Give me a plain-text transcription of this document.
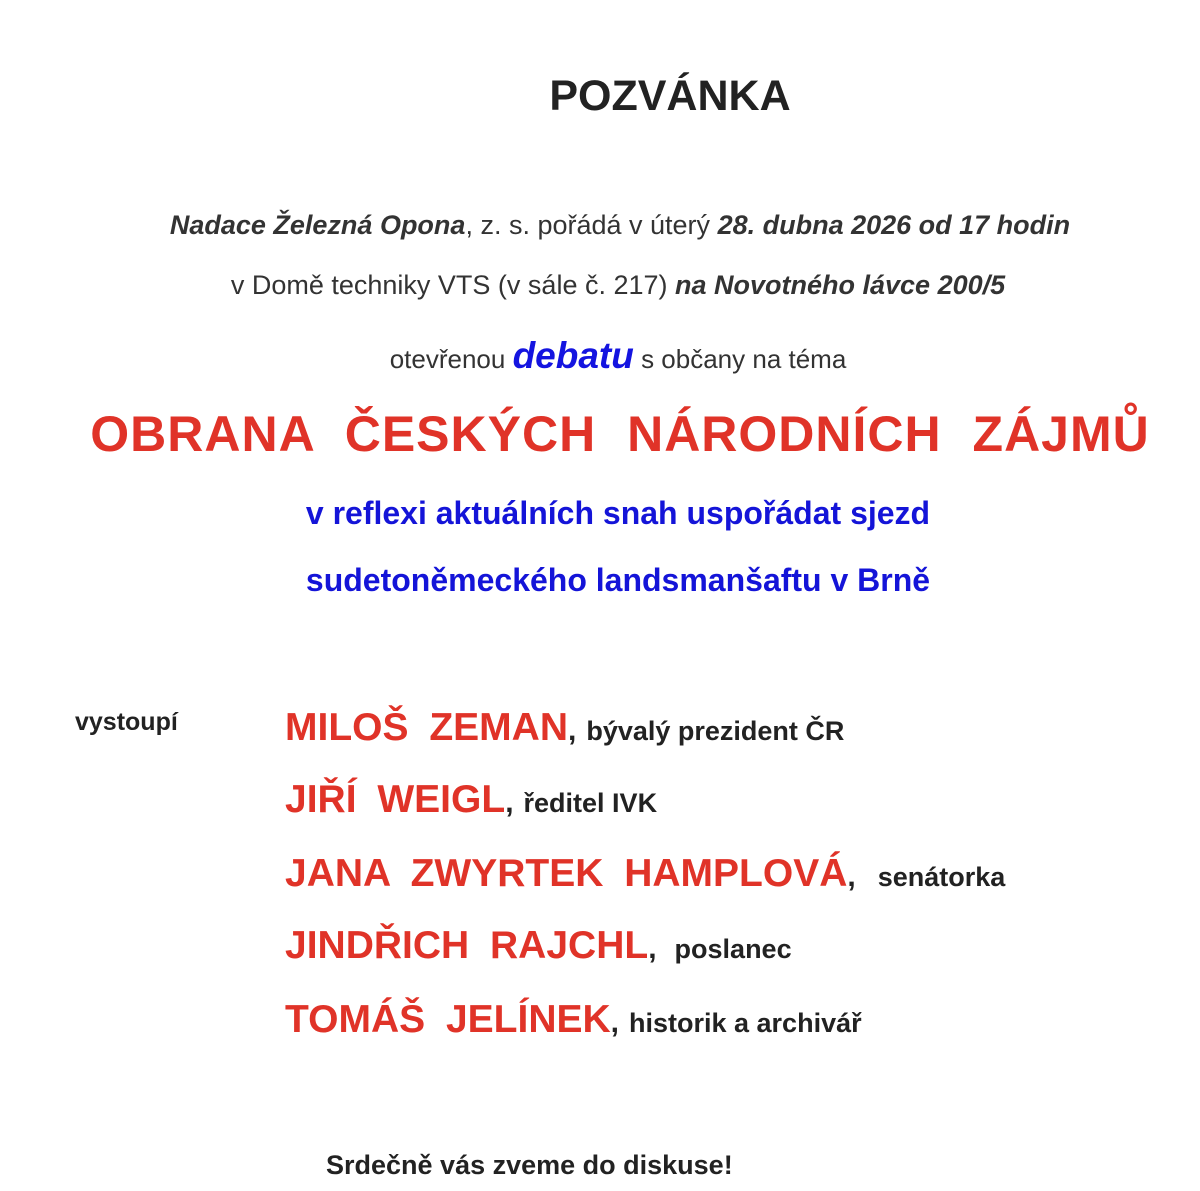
POZVÁNKA
Nadace Železná Opona, z. s. pořádá v úterý 28. dubna 2026 od 17 hodin
v Domě techniky VTS (v sále č. 217) na Novotného lávce 200/5
otevřenou debatu s občany na téma
OBRANA ČESKÝCH NÁRODNÍCH ZÁJMŮ
v reflexi aktuálních snah uspořádat sjezd
sudetoněmeckého landsmanšaftu v Brně
vystoupí	MILOŠ ZEMAN, bývalý prezident ČR
JIŘÍ WEIGL, ředitel IVK
JANA ZWYRTEK HAMPLOVÁ, senátorka
JINDŘICH RAJCHL, poslanec
TOMÁŠ JELÍNEK, historik a archivář
Srdečně vás zveme do diskuse!
